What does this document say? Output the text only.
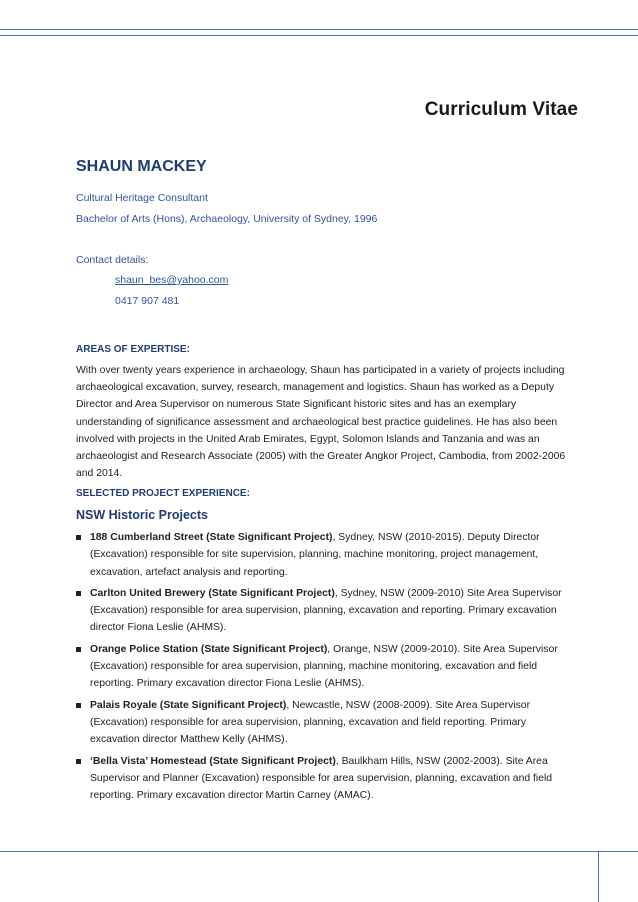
Curriculum Vitae
SHAUN MACKEY
Cultural Heritage Consultant
Bachelor of Arts (Hons), Archaeology, University of Sydney, 1996
Contact details:
shaun_bes@yahoo.com
0417 907 481
AREAS OF EXPERTISE:
With over twenty years experience in archaeology, Shaun has participated in a variety of projects including archaeological excavation, survey, research, management and logistics. Shaun has worked as a Deputy Director and Area Supervisor on numerous State Significant historic sites and has an exemplary understanding of significance assessment and archaeological best practice guidelines. He has also been involved with projects in the United Arab Emirates, Egypt, Solomon Islands and Tanzania and was an archaeologist and Research Associate (2005) with the Greater Angkor Project, Cambodia, from 2002-2006 and 2014.
SELECTED PROJECT EXPERIENCE:
NSW Historic Projects
188 Cumberland Street (State Significant Project), Sydney, NSW (2010-2015). Deputy Director (Excavation) responsible for site supervision, planning, machine monitoring, project management, excavation, artefact analysis and reporting.
Carlton United Brewery (State Significant Project), Sydney, NSW (2009-2010) Site Area Supervisor (Excavation) responsible for area supervision, planning, excavation and reporting. Primary excavation director Fiona Leslie (AHMS).
Orange Police Station (State Significant Project), Orange, NSW (2009-2010). Site Area Supervisor (Excavation) responsible for area supervision, planning, machine monitoring, excavation and field reporting. Primary excavation director Fiona Leslie (AHMS).
Palais Royale (State Significant Project), Newcastle, NSW (2008-2009). Site Area Supervisor (Excavation) responsible for area supervision, planning, excavation and field reporting. Primary excavation director Matthew Kelly (AHMS).
‘Bella Vista’ Homestead (State Significant Project), Baulkham Hills, NSW (2002-2003). Site Area Supervisor and Planner (Excavation) responsible for area supervision, planning, excavation and field reporting. Primary excavation director Martin Carney (AMAC).
